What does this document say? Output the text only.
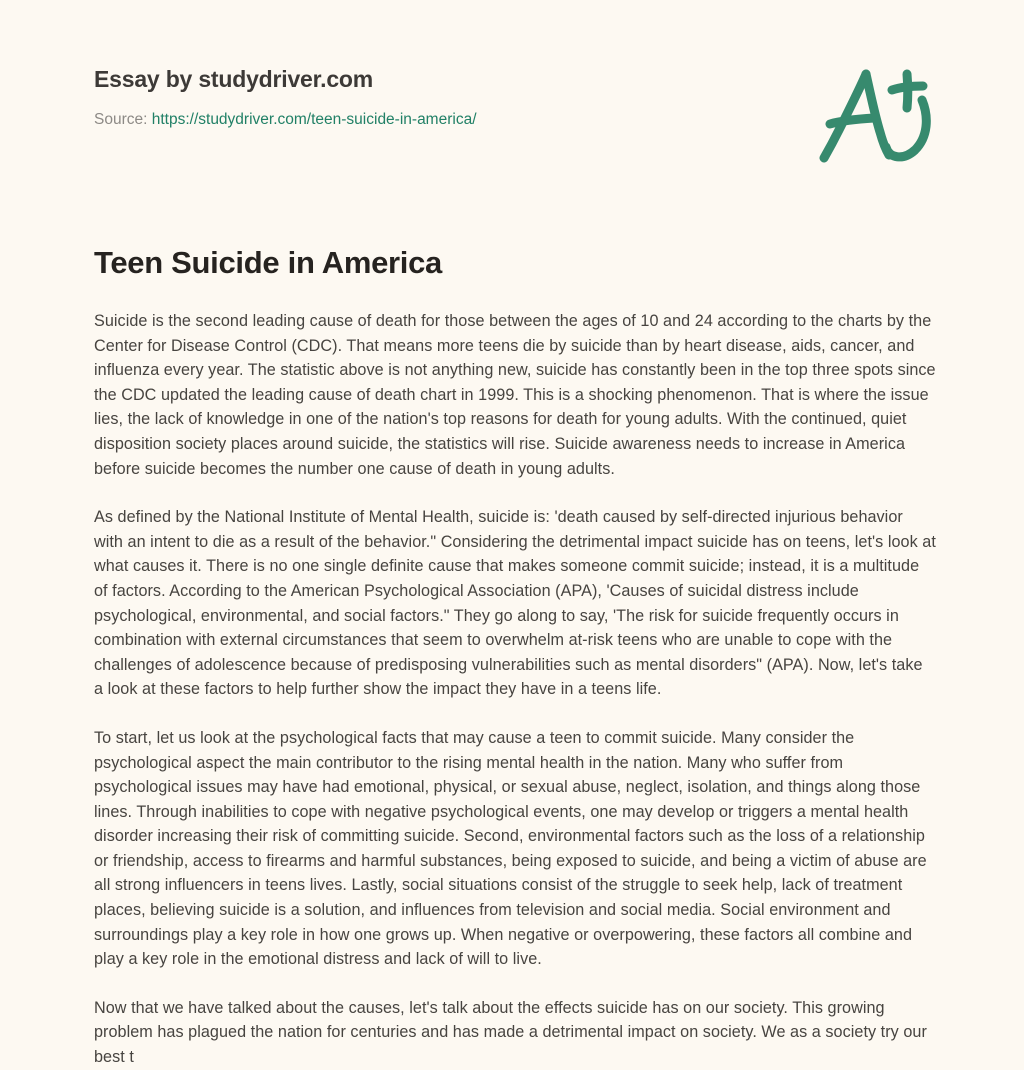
Essay by studydriver.com
Source: https://studydriver.com/teen-suicide-in-america/
Teen Suicide in America

Suicide is the second leading cause of death for those between the ages of 10 and 24 according to the charts by the Center for Disease Control (CDC). That means more teens die by suicide than by heart disease, aids, cancer, and influenza every year. The statistic above is not anything new, suicide has constantly been in the top three spots since the CDC updated the leading cause of death chart in 1999. This is a shocking phenomenon. That is where the issue lies, the lack of knowledge in one of the nation's top reasons for death for young adults. With the continued, quiet disposition society places around suicide, the statistics will rise. Suicide awareness needs to increase in America before suicide becomes the number one cause of death in young adults.

As defined by the National Institute of Mental Health, suicide is: 'death caused by self-directed injurious behavior with an intent to die as a result of the behavior." Considering the detrimental impact suicide has on teens, let's look at what causes it. There is no one single definite cause that makes someone commit suicide; instead, it is a multitude of factors. According to the American Psychological Association (APA), 'Causes of suicidal distress include psychological, environmental, and social factors." They go along to say, 'The risk for suicide frequently occurs in combination with external circumstances that seem to overwhelm at-risk teens who are unable to cope with the challenges of adolescence because of predisposing vulnerabilities such as mental disorders" (APA). Now, let's take a look at these factors to help further show the impact they have in a teens life.

To start, let us look at the psychological facts that may cause a teen to commit suicide. Many consider the psychological aspect the main contributor to the rising mental health in the nation. Many who suffer from psychological issues may have had emotional, physical, or sexual abuse, neglect, isolation, and things along those lines. Through inabilities to cope with negative psychological events, one may develop or triggers a mental health disorder increasing their risk of committing suicide. Second, environmental factors such as the loss of a relationship or friendship, access to firearms and harmful substances, being exposed to suicide, and being a victim of abuse are all strong influencers in teens lives. Lastly, social situations consist of the struggle to seek help, lack of treatment places, believing suicide is a solution, and influences from television and social media. Social environment and surroundings play a key role in how one grows up. When negative or overpowering, these factors all combine and play a key role in the emotional distress and lack of will to live.

Now that we have talked about the causes, let's talk about the effects suicide has on our society. This growing problem has plagued the nation for centuries and has made a detrimental impact on society. We as a society try our best t
